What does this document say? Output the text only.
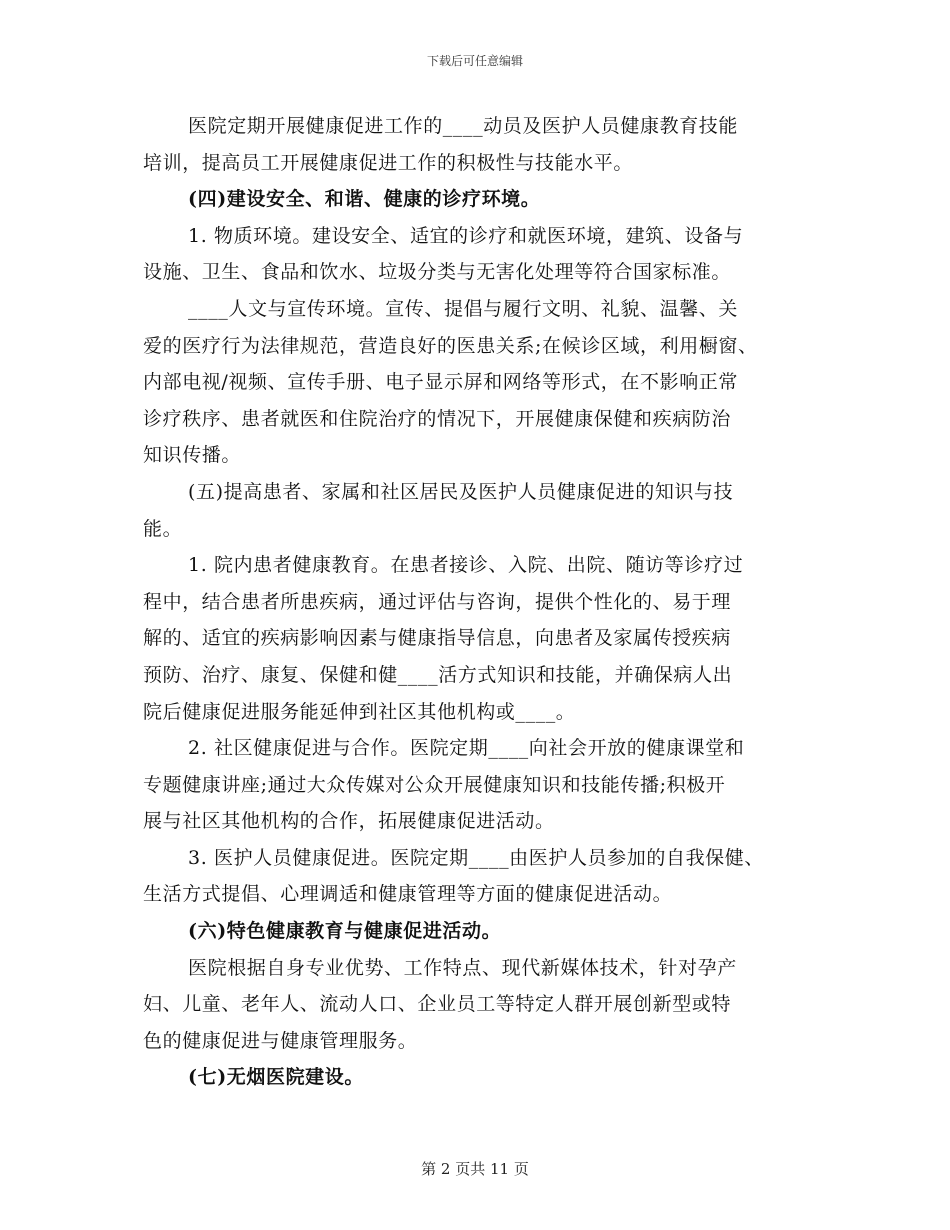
下载后可任意编辑
医院定期开展健康促进工作的____动员及医护人员健康教育技能
培训，提高员工开展健康促进工作的积极性与技能水平。
(四)建设安全、和谐、健康的诊疗环境。
1. 物质环境。建设安全、适宜的诊疗和就医环境，建筑、设备与
设施、卫生、食品和饮水、垃圾分类与无害化处理等符合国家标准。
____人文与宣传环境。宣传、提倡与履行文明、礼貌、温馨、关
爱的医疗行为法律规范，营造良好的医患关系;在候诊区域，利用橱窗、
内部电视/视频、宣传手册、电子显示屏和网络等形式，在不影响正常
诊疗秩序、患者就医和住院治疗的情况下，开展健康保健和疾病防治
知识传播。
(五)提高患者、家属和社区居民及医护人员健康促进的知识与技
能。
1. 院内患者健康教育。在患者接诊、入院、出院、随访等诊疗过
程中，结合患者所患疾病，通过评估与咨询，提供个性化的、易于理
解的、适宜的疾病影响因素与健康指导信息，向患者及家属传授疾病
预防、治疗、康复、保健和健____活方式知识和技能，并确保病人出
院后健康促进服务能延伸到社区其他机构或____。
2. 社区健康促进与合作。医院定期____向社会开放的健康课堂和
专题健康讲座;通过大众传媒对公众开展健康知识和技能传播;积极开
展与社区其他机构的合作，拓展健康促进活动。
3. 医护人员健康促进。医院定期____由医护人员参加的自我保健、
生活方式提倡、心理调适和健康管理等方面的健康促进活动。
(六)特色健康教育与健康促进活动。
医院根据自身专业优势、工作特点、现代新媒体技术，针对孕产
妇、儿童、老年人、流动人口、企业员工等特定人群开展创新型或特
色的健康促进与健康管理服务。
(七)无烟医院建设。
第 2 页共 11 页
